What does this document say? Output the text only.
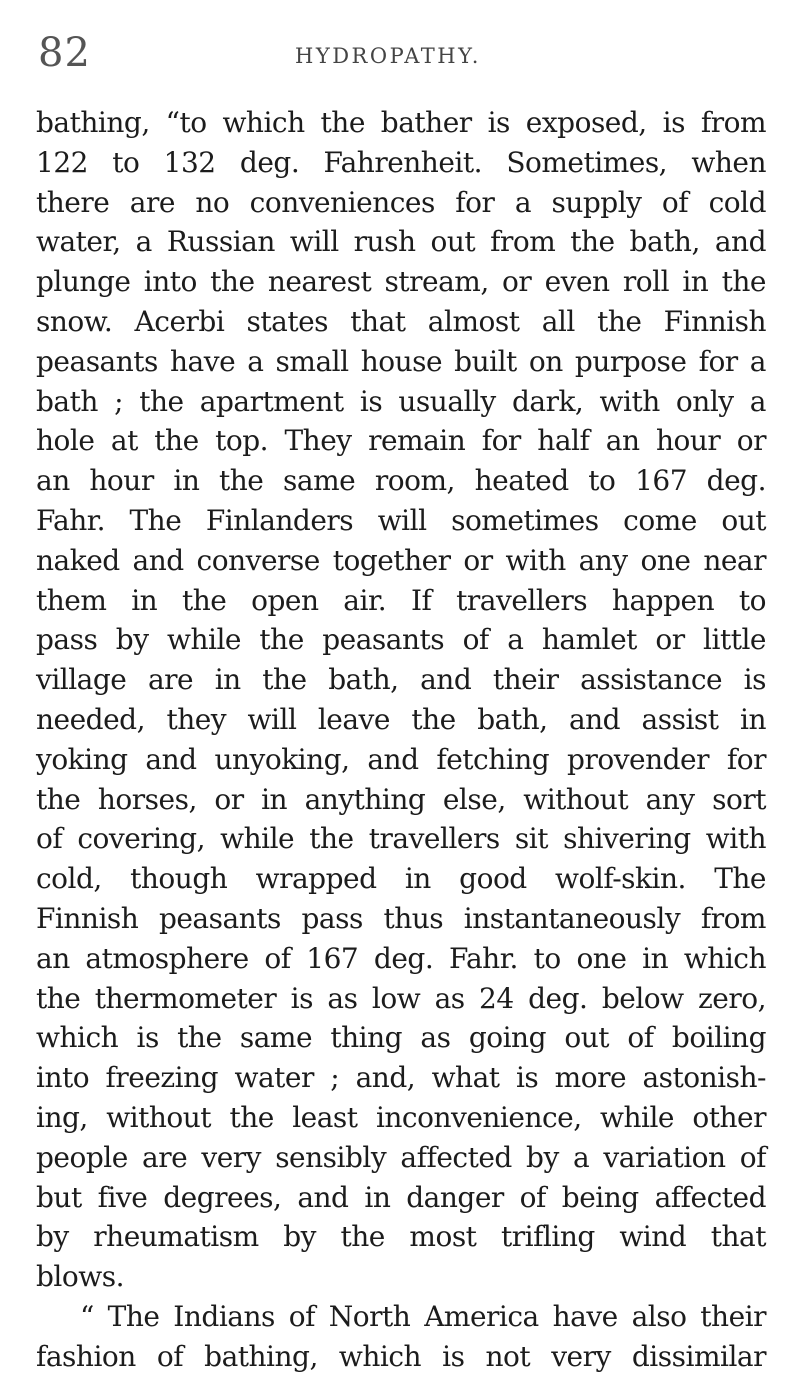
82	HYDROPATHY.
bathing, “to which the bather is exposed, is from
122 to 132 deg. Fahrenheit. Sometimes, when
there are no conveniences for a supply of cold
water, a Russian will rush out from the bath, and
plunge into the nearest stream, or even roll in the
snow. Acerbi states that almost all the Finnish
peasants have a small house built on purpose for a
bath ; the apartment is usually dark, with only a
hole at the top. They remain for half an hour or
an hour in the same room, heated to 167 deg.
Fahr. The Finlanders will sometimes come out
naked and converse together or with any one near
them in the open air. If travellers happen to
pass by while the peasants of a hamlet or little
village are in the bath, and their assistance is
needed, they will leave the bath, and assist in
yoking and unyoking, and fetching provender for
the horses, or in anything else, without any sort
of covering, while the travellers sit shivering with
cold, though wrapped in good wolf-skin. The
Finnish peasants pass thus instantaneously from
an atmosphere of 167 deg. Fahr. to one in which
the thermometer is as low as 24 deg. below zero,
which is the same thing as going out of boiling
into freezing water ; and, what is more astonish-
ing, without the least inconvenience, while other
people are very sensibly affected by a variation of
but five degrees, and in danger of being affected
by rheumatism by the most trifling wind that
blows.
“ The Indians of North America have also their
fashion of bathing, which is not very dissimilar
